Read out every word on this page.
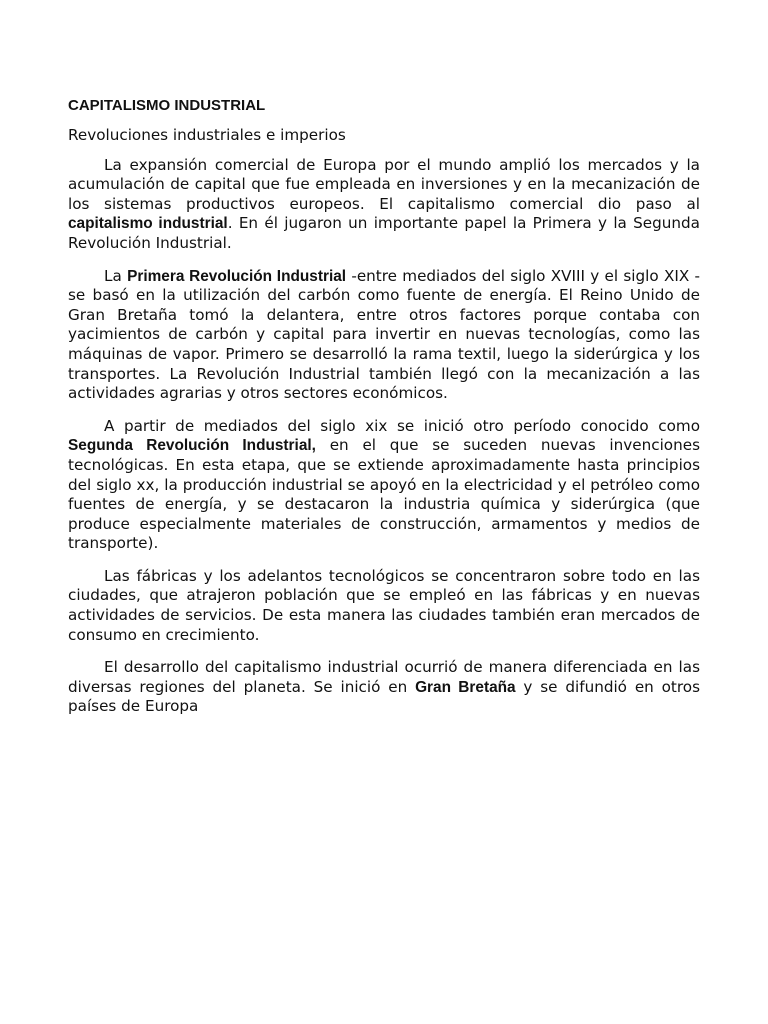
CAPITALISMO INDUSTRIAL
Revoluciones industriales e imperios

La expansión comercial de Europa por el mundo amplió los mercados y la acumulación de capital que fue empleada en inversiones y en la mecanización de los sistemas productivos europeos. El capitalismo comercial dio paso al capitalismo industrial. En él jugaron un importante papel la Primera y la Segunda Revolución Industrial.

La Primera Revolución Industrial -entre mediados del siglo XVIII y el siglo XIX - se basó en la utilización del carbón como fuente de energía. El Reino Unido de Gran Bretaña tomó la delantera, entre otros factores porque contaba con yacimientos de carbón y capital para invertir en nuevas tecnologías, como las máquinas de vapor. Primero se desarrolló la rama textil, luego la siderúrgica y los transportes. La Revolución Industrial también llegó con la mecanización a las actividades agrarias y otros sectores económicos.

A partir de mediados del siglo xix se inició otro período conocido como Segunda Revolución Industrial, en el que se suceden nuevas invenciones tecnológicas. En esta etapa, que se extiende aproximadamente hasta principios del siglo xx, la producción industrial se apoyó en la electricidad y el petróleo como fuentes de energía, y se destacaron la industria química y siderúrgica (que produce especialmente materiales de construcción, armamentos y medios de transporte).

Las fábricas y los adelantos tecnológicos se concentraron sobre todo en las ciudades, que atrajeron población que se empleó en las fábricas y en nuevas actividades de servicios. De esta manera las ciudades también eran mercados de consumo en crecimiento.

El desarrollo del capitalismo industrial ocurrió de manera diferenciada en las diversas regiones del planeta. Se inició en Gran Bretaña y se difundió en otros países de Europa
